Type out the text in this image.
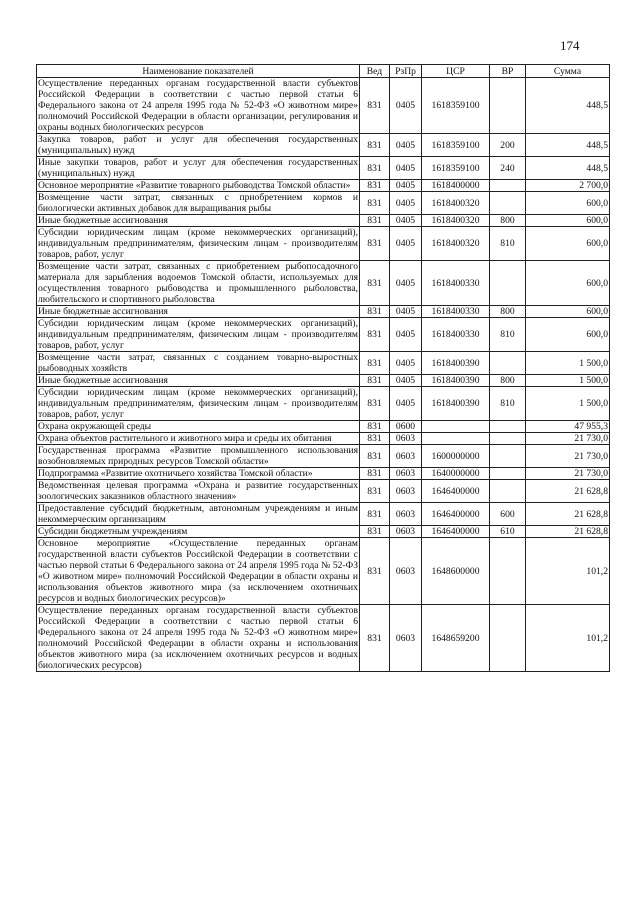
174
Наименование показателей	Вед	РзПр	ЦСР	ВР	Сумма
Осуществление переданных органам государственной власти субъектов Российской Федерации в соответствии с частью первой статьи 6 Федерального закона от 24 апреля 1995 года № 52-ФЗ «О животном мире» полномочий Российской Федерации в области организации, регулирования и охраны водных биологических ресурсов	831	0405	1618359100		448,5
Закупка товаров, работ и услуг для обеспечения государственных (муниципальных) нужд	831	0405	1618359100	200	448,5
Иные закупки товаров, работ и услуг для обеспечения государственных (муниципальных) нужд	831	0405	1618359100	240	448,5
Основное мероприятие «Развитие товарного рыбоводства Томской области»	831	0405	1618400000		2 700,0
Возмещение части затрат, связанных с приобретением кормов и биологически активных добавок для выращивания рыбы	831	0405	1618400320		600,0
Иные бюджетные ассигнования	831	0405	1618400320	800	600,0
Субсидии юридическим лицам (кроме некоммерческих организаций), индивидуальным предпринимателям, физическим лицам - производителям товаров, работ, услуг	831	0405	1618400320	810	600,0
Возмещение части затрат, связанных с приобретением рыбопосадочного материала для зарыбления водоемов Томской области, используемых для осуществления товарного рыбоводства и промышленного рыболовства, любительского и спортивного рыболовства	831	0405	1618400330		600,0
Иные бюджетные ассигнования	831	0405	1618400330	800	600,0
Субсидии юридическим лицам (кроме некоммерческих организаций), индивидуальным предпринимателям, физическим лицам - производителям товаров, работ, услуг	831	0405	1618400330	810	600,0
Возмещение части затрат, связанных с созданием товарно-выростных рыбоводных хозяйств	831	0405	1618400390		1 500,0
Иные бюджетные ассигнования	831	0405	1618400390	800	1 500,0
Субсидии юридическим лицам (кроме некоммерческих организаций), индивидуальным предпринимателям, физическим лицам - производителям товаров, работ, услуг	831	0405	1618400390	810	1 500,0
Охрана окружающей среды	831	0600			47 955,3
Охрана объектов растительного и животного мира и среды их обитания	831	0603			21 730,0
Государственная программа «Развитие промышленного использования возобновляемых природных ресурсов Томской области»	831	0603	1600000000		21 730,0
Подпрограмма «Развитие охотничьего хозяйства Томской области»	831	0603	1640000000		21 730,0
Ведомственная целевая программа «Охрана и развитие государственных зоологических заказников областного значения»	831	0603	1646400000		21 628,8
Предоставление субсидий бюджетным, автономным учреждениям и иным некоммерческим организациям	831	0603	1646400000	600	21 628,8
Субсидии бюджетным учреждениям	831	0603	1646400000	610	21 628,8
Основное мероприятие «Осуществление переданных органам государственной власти субъектов Российской Федерации в соответствии с частью первой статьи 6 Федерального закона от 24 апреля 1995 года № 52-ФЗ «О животном мире» полномочий Российской Федерации в области охраны и использования объектов животного мира (за исключением охотничьих ресурсов и водных биологических ресурсов)»	831	0603	1648600000		101,2
Осуществление переданных органам государственной власти субъектов Российской Федерации в соответствии с частью первой статьи 6 Федерального закона от 24 апреля 1995 года № 52-ФЗ «О животном мире» полномочий Российской Федерации в области охраны и использования объектов животного мира (за исключением охотничьих ресурсов и водных биологических ресурсов)	831	0603	1648659200		101,2
